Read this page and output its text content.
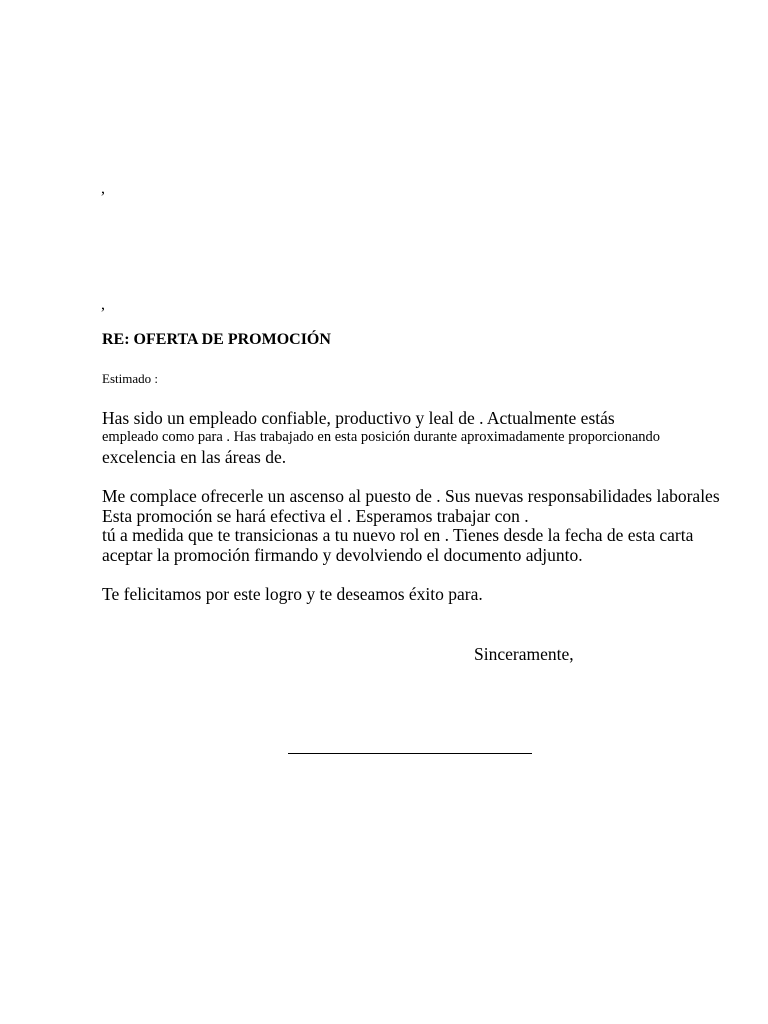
,
,
RE: OFERTA DE PROMOCIÓN
Estimado :
Has sido un empleado confiable, productivo y leal de . Actualmente estás
empleado como para . Has trabajado en esta posición durante aproximadamente proporcionando
excelencia en las áreas de.
Me complace ofrecerle un ascenso al puesto de . Sus nuevas responsabilidades laborales
Esta promoción se hará efectiva el . Esperamos trabajar con .
tú a medida que te transicionas a tu nuevo rol en . Tienes desde la fecha de esta carta
aceptar la promoción firmando y devolviendo el documento adjunto.
Te felicitamos por este logro y te deseamos éxito para.
Sinceramente,
